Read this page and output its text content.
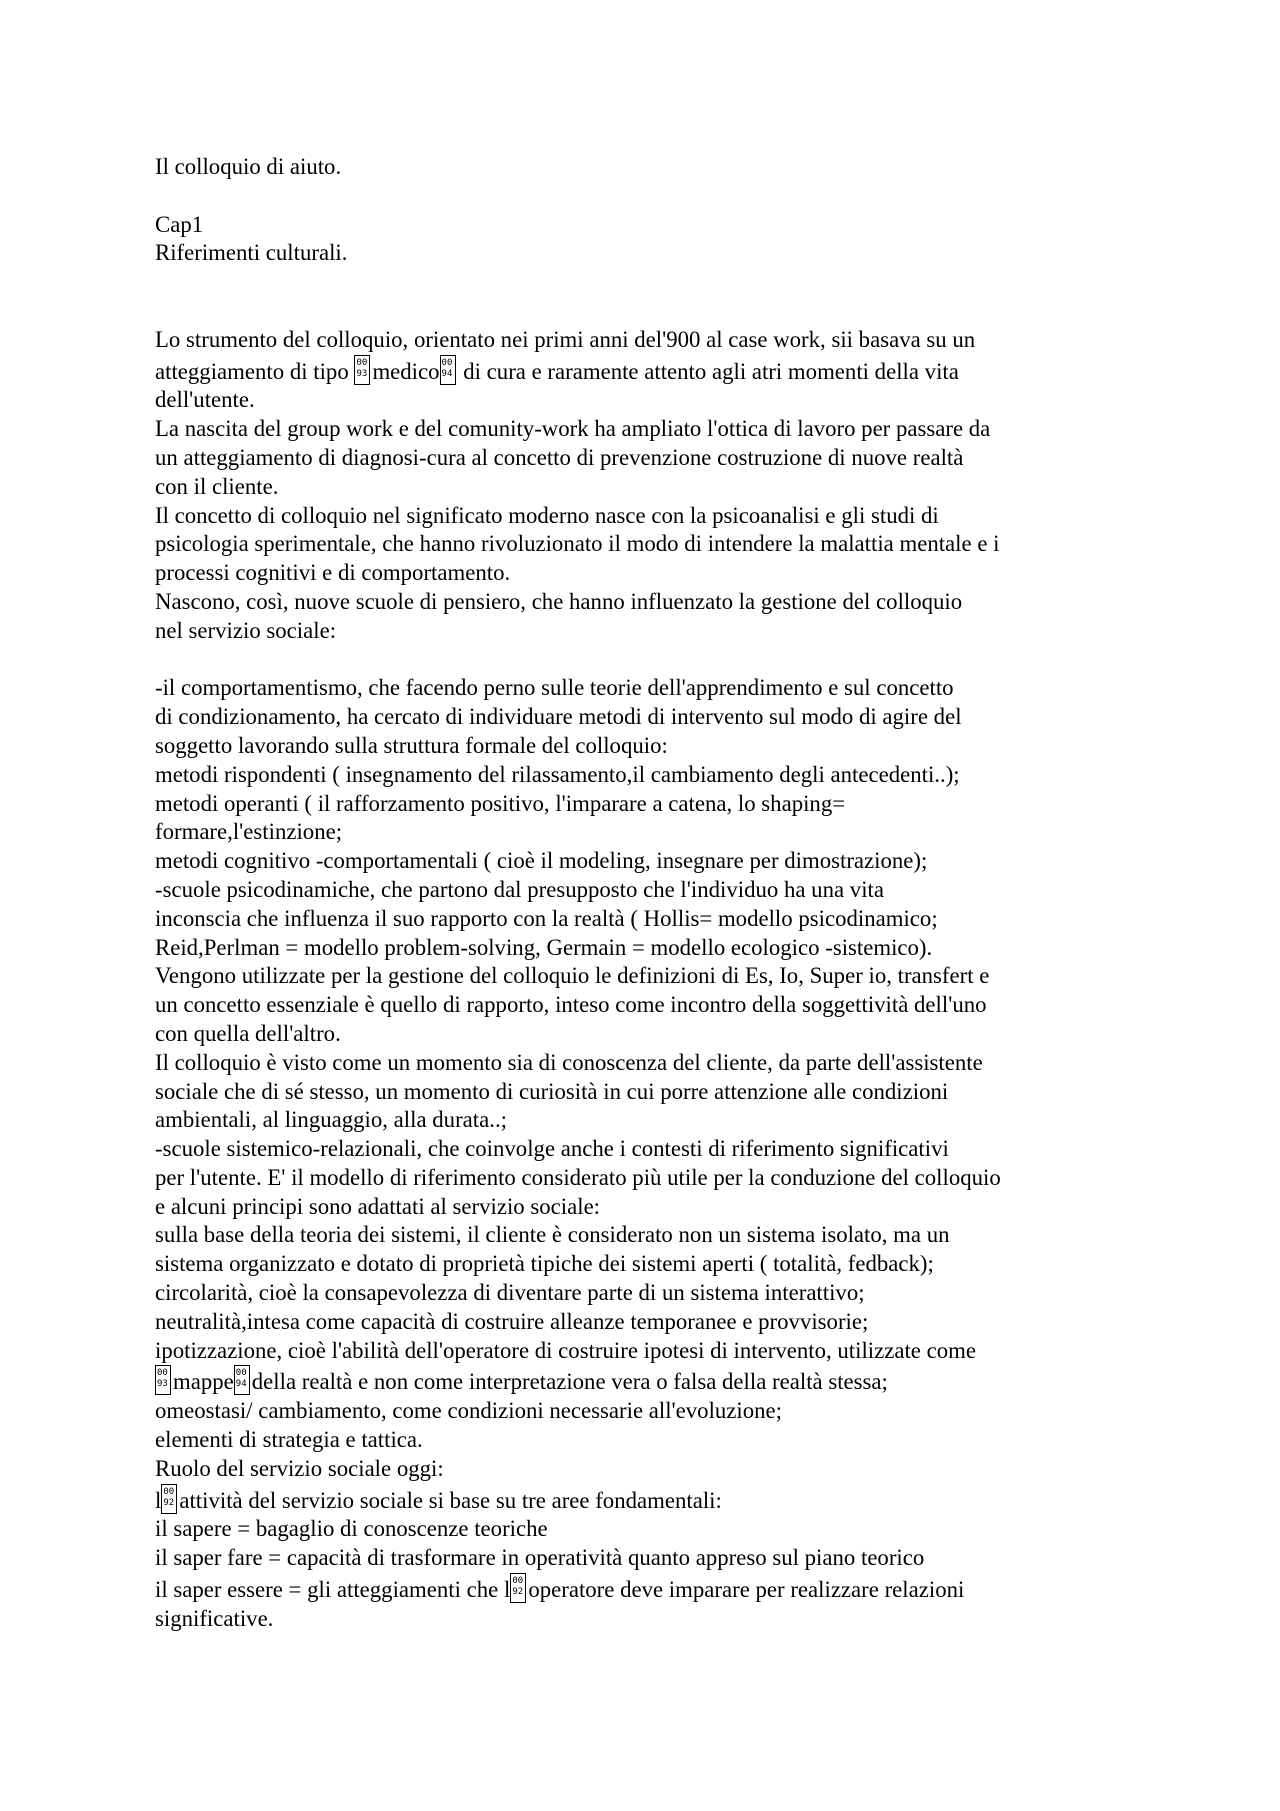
Il colloquio di aiuto.
Cap1
Riferimenti culturali.
Lo strumento del colloquio, orientato nei primi anni del'900 al case work, sii basava su un
atteggiamento di tipo 0093 medico0094  di cura e raramente attento agli atri momenti della vita
dell'utente.
La nascita del group work e del comunity-work ha ampliato l'ottica di lavoro per passare da
un atteggiamento di diagnosi-cura al concetto di prevenzione costruzione di nuove realtà
con il cliente.
Il concetto di colloquio nel significato moderno nasce con la psicoanalisi e gli studi di
psicologia sperimentale, che hanno rivoluzionato il modo di intendere la malattia mentale e i
processi cognitivi e di comportamento.
Nascono, così, nuove scuole di pensiero, che hanno influenzato la gestione del colloquio
nel servizio sociale:
-il comportamentismo, che facendo perno sulle teorie dell'apprendimento e sul concetto
di condizionamento, ha cercato di individuare metodi di intervento sul modo di agire del
soggetto lavorando sulla struttura formale del colloquio:
metodi rispondenti ( insegnamento del rilassamento,il cambiamento degli antecedenti..);
metodi operanti ( il rafforzamento positivo, l'imparare a catena, lo shaping=
formare,l'estinzione;
metodi cognitivo -comportamentali ( cioè il modeling, insegnare per dimostrazione);
-scuole psicodinamiche, che partono dal presupposto che l'individuo ha una vita
inconscia che influenza il suo rapporto con la realtà ( Hollis= modello psicodinamico;
Reid,Perlman = modello problem-solving, Germain = modello ecologico -sistemico).
Vengono utilizzate per la gestione del colloquio le definizioni di Es, Io, Super io, transfert e
un concetto essenziale è quello di rapporto, inteso come incontro della soggettività dell'uno
con quella dell'altro.
Il colloquio è visto come un momento sia di conoscenza del cliente, da parte dell'assistente
sociale che di sé stesso, un momento di curiosità in cui porre attenzione alle condizioni
ambientali, al linguaggio, alla durata..;
-scuole sistemico-relazionali, che coinvolge anche i contesti di riferimento significativi
per l'utente. E' il modello di riferimento considerato più utile per la conduzione del colloquio
e alcuni principi sono adattati al servizio sociale:
sulla base della teoria dei sistemi, il cliente è considerato non un sistema isolato, ma un
sistema organizzato e dotato di proprietà tipiche dei sistemi aperti ( totalità, fedback);
circolarità, cioè la consapevolezza di diventare parte di un sistema interattivo;
neutralità,intesa come capacità di costruire alleanze temporanee e provvisorie;
ipotizzazione, cioè l'abilità dell'operatore di costruire ipotesi di intervento, utilizzate come
0093 mappe 0094 della realtà e non come interpretazione vera o falsa della realtà stessa;
omeostasi/ cambiamento, come condizioni necessarie all'evoluzione;
elementi di strategia e tattica.
Ruolo del servizio sociale oggi:
l 0092 attività del servizio sociale si base su tre aree fondamentali:
il sapere = bagaglio di conoscenze teoriche
il saper fare = capacità di trasformare in operatività quanto appreso sul piano teorico
il saper essere = gli atteggiamenti che l 0092 operatore deve imparare per realizzare relazioni
significative.
